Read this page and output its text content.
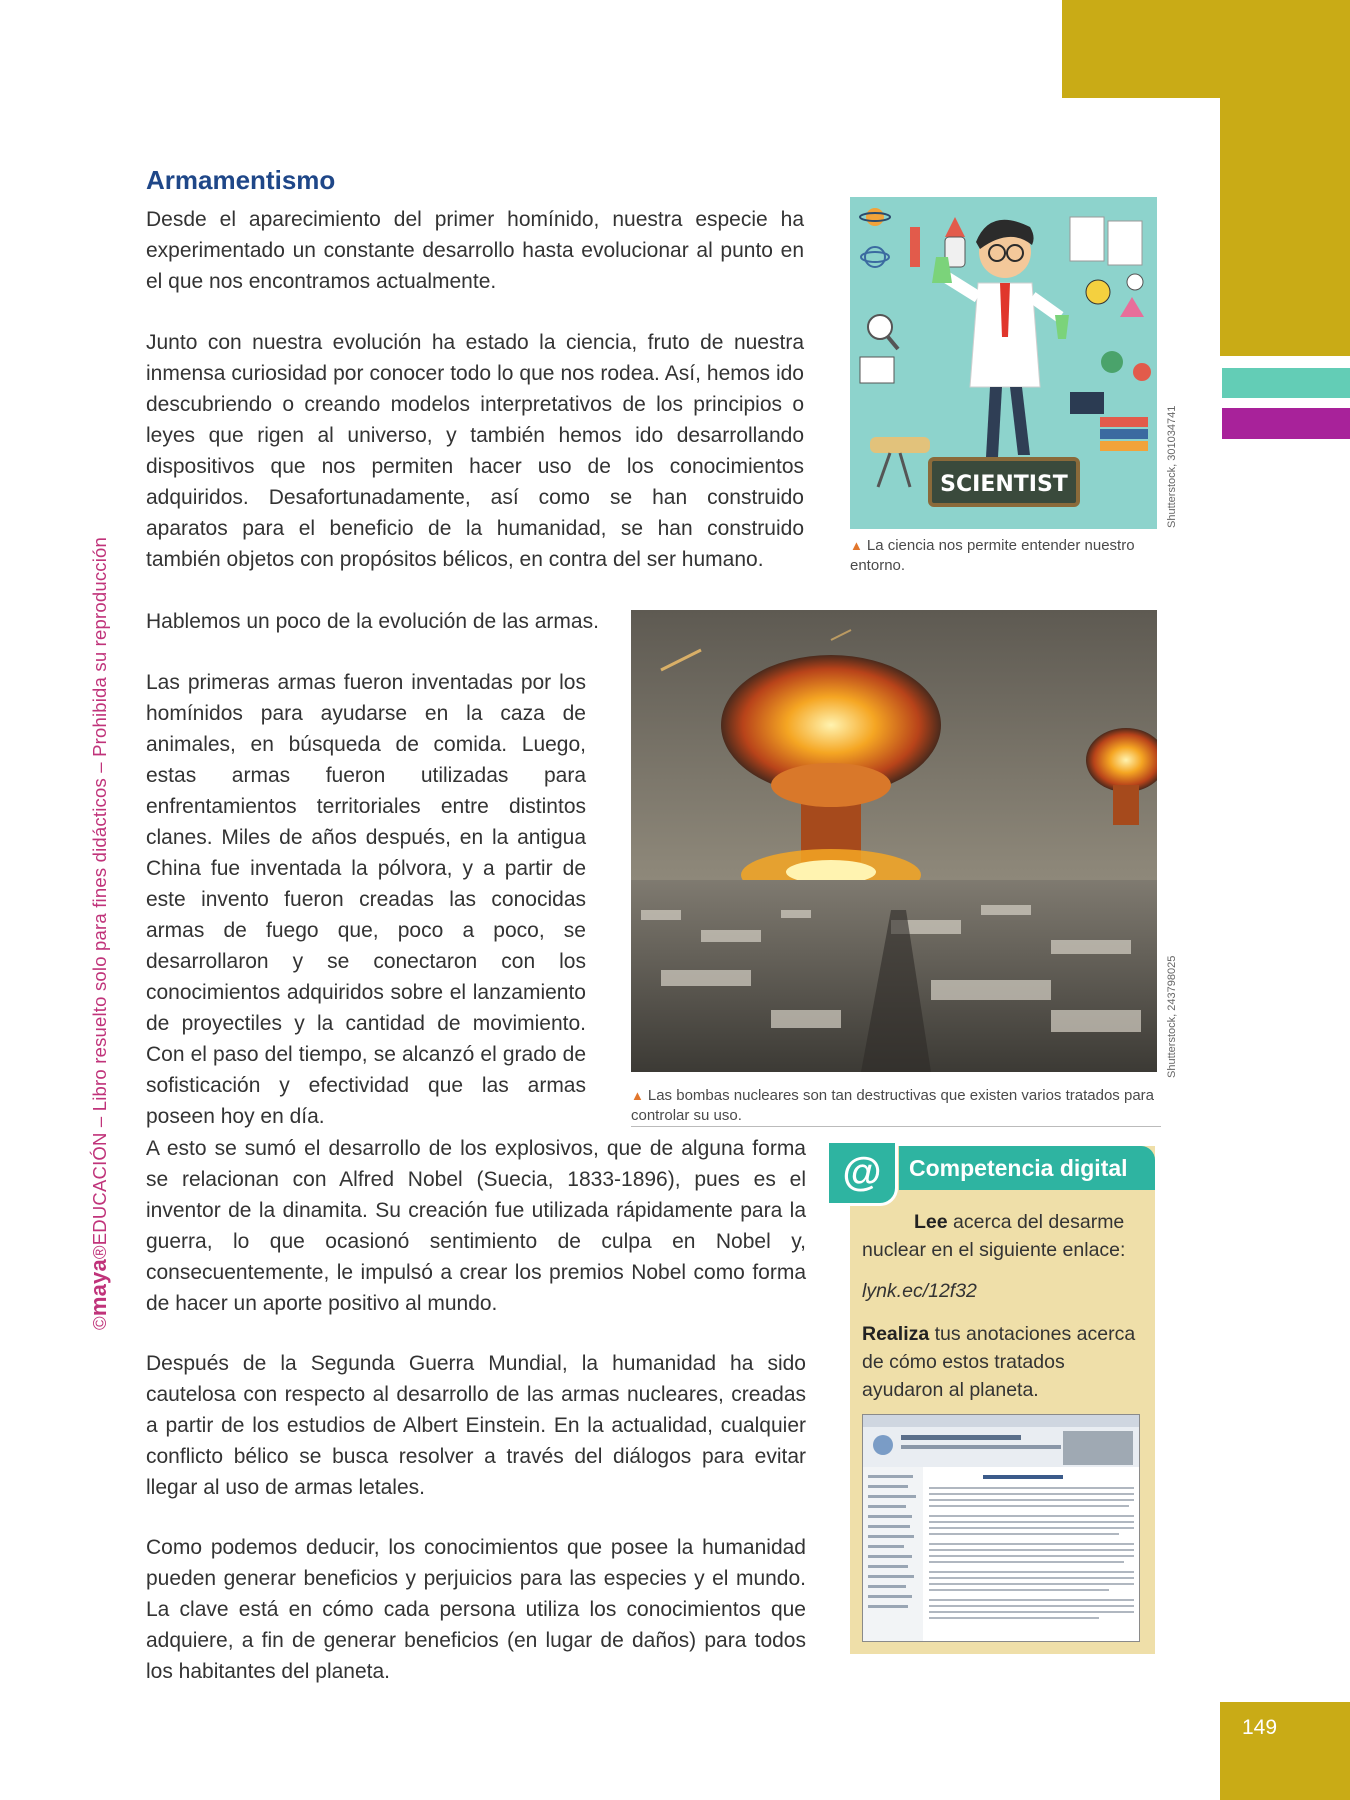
©maya®EDUCACIÓN – Libro resuelto solo para fines didácticos – Prohibida su reproducción
Armamentismo

Desde el aparecimiento del primer homínido, nuestra especie ha experimentado un constante desarrollo hasta evolucionar al punto en el que nos encontramos actualmente.

Junto con nuestra evolución ha estado la ciencia, fruto de nuestra inmensa curiosidad por conocer todo lo que nos rodea. Así, hemos ido descubriendo o creando modelos interpretativos de los principios o leyes que rigen al universo, y también hemos ido desarrollando dispositivos que nos permiten hacer uso de los conocimientos adquiridos. Desafortunadamente, así como se han construido aparatos para el beneficio de la humanidad, se han construido también objetos con propósitos bélicos, en contra del ser humano.

Hablemos un poco de la evolución de las armas.

Las primeras armas fueron inventadas por los homínidos para ayudarse en la caza de animales, en búsqueda de comida. Luego, estas armas fueron utilizadas para enfrentamientos territoriales entre distintos clanes. Miles de años después, en la antigua China fue inventada la pólvora, y a partir de este invento fueron creadas las conocidas armas de fuego que, poco a poco, se desarrollaron y se conectaron con los conocimientos adquiridos sobre el lanzamiento de proyectiles y la cantidad de movimiento. Con el paso del tiempo, se alcanzó el grado de sofisticación y efectividad que las armas poseen hoy en día.

A esto se sumó el desarrollo de los explosivos, que de alguna forma se relacionan con Alfred Nobel (Suecia, 1833-1896), pues es el inventor de la dinamita. Su creación fue utilizada rápidamente para la guerra, lo que ocasionó sentimiento de culpa en Nobel y, consecuentemente, le impulsó a crear los premios Nobel como forma de hacer un aporte positivo al mundo.

Después de la Segunda Guerra Mundial, la humanidad ha sido cautelosa con respecto al desarrollo de las armas nucleares, creadas a partir de los estudios de Albert Einstein. En la actualidad, cualquier conflicto bélico se busca resolver a través del diálogos para evitar llegar al uso de armas letales.

Como podemos deducir, los conocimientos que posee la humanidad pueden generar beneficios y perjuicios para las especies y el mundo. La clave está en cómo cada persona utiliza los conocimientos que adquiere, a fin de generar beneficios (en lugar de daños) para todos los habitantes del planeta.

SCIENTIST	Shutterstock, 301034741
▲ La ciencia nos permite entender nuestro entorno.
Shutterstock, 243798025
▲ Las bombas nucleares son tan destructivas que existen varios tratados para controlar su uso.
@	Competencia digital

Lee acerca del desarme nuclear en el siguiente enlace:

lynk.ec/12f32

Realiza tus anotaciones acerca de cómo estos tratados ayudaron al planeta.

149
